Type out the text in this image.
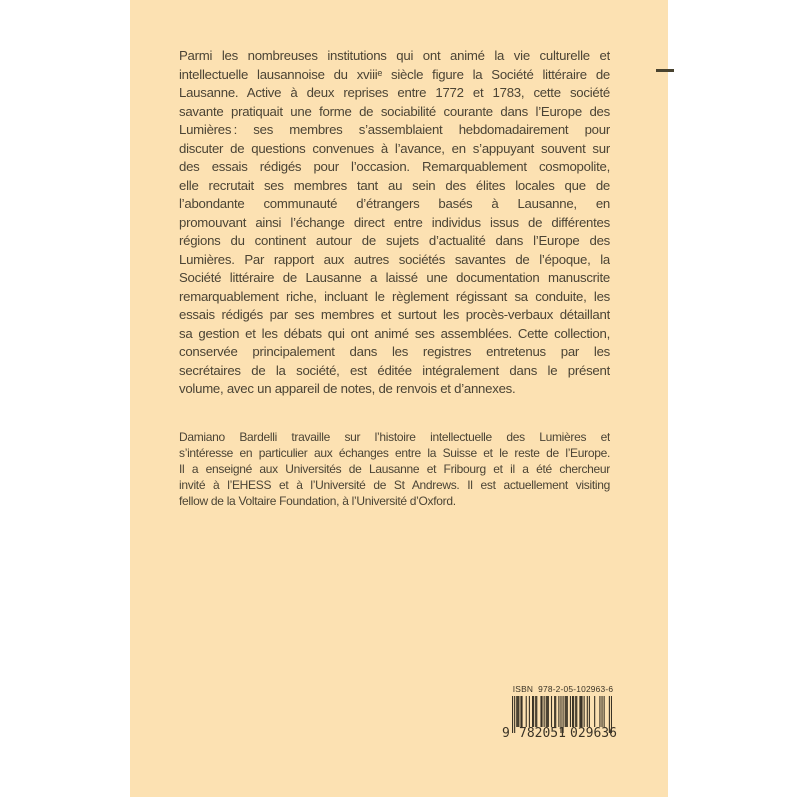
Parmi les nombreuses institutions qui ont animé la vie culturelle et
intellectuelle lausannoise du xviiiᵉ siècle figure la Société littéraire de
Lausanne. Active à deux reprises entre 1772 et 1783, cette société
savante pratiquait une forme de sociabilité courante dans l’Europe des
Lumières : ses membres s’assemblaient hebdomadairement pour
discuter de questions convenues à l’avance, en s’appuyant souvent sur
des essais rédigés pour l’occasion. Remarquablement cosmopolite,
elle recrutait ses membres tant au sein des élites locales que de
l’abondante communauté d’étrangers basés à Lausanne, en
promouvant ainsi l’échange direct entre individus issus de différentes
régions du continent autour de sujets d’actualité dans l’Europe des
Lumières. Par rapport aux autres sociétés savantes de l’époque, la
Société littéraire de Lausanne a laissé une documentation manuscrite
remarquablement riche, incluant le règlement régissant sa conduite, les
essais rédigés par ses membres et surtout les procès-verbaux détaillant
sa gestion et les débats qui ont animé ses assemblées. Cette collection,
conservée principalement dans les registres entretenus par les
secrétaires de la société, est éditée intégralement dans le présent
volume, avec un appareil de notes, de renvois et d’annexes.
Damiano Bardelli travaille sur l’histoire intellectuelle des Lumières et
s’intéresse en particulier aux échanges entre la Suisse et le reste de l’Europe.
Il a enseigné aux Universités de Lausanne et Fribourg et il a été chercheur
invité à l’EHESS et à l’Université de St Andrews. Il est actuellement visiting
fellow de la Voltaire Foundation, à l’Université d’Oxford.
ISBN 978-2-05-102963-6
9 782051 029636
